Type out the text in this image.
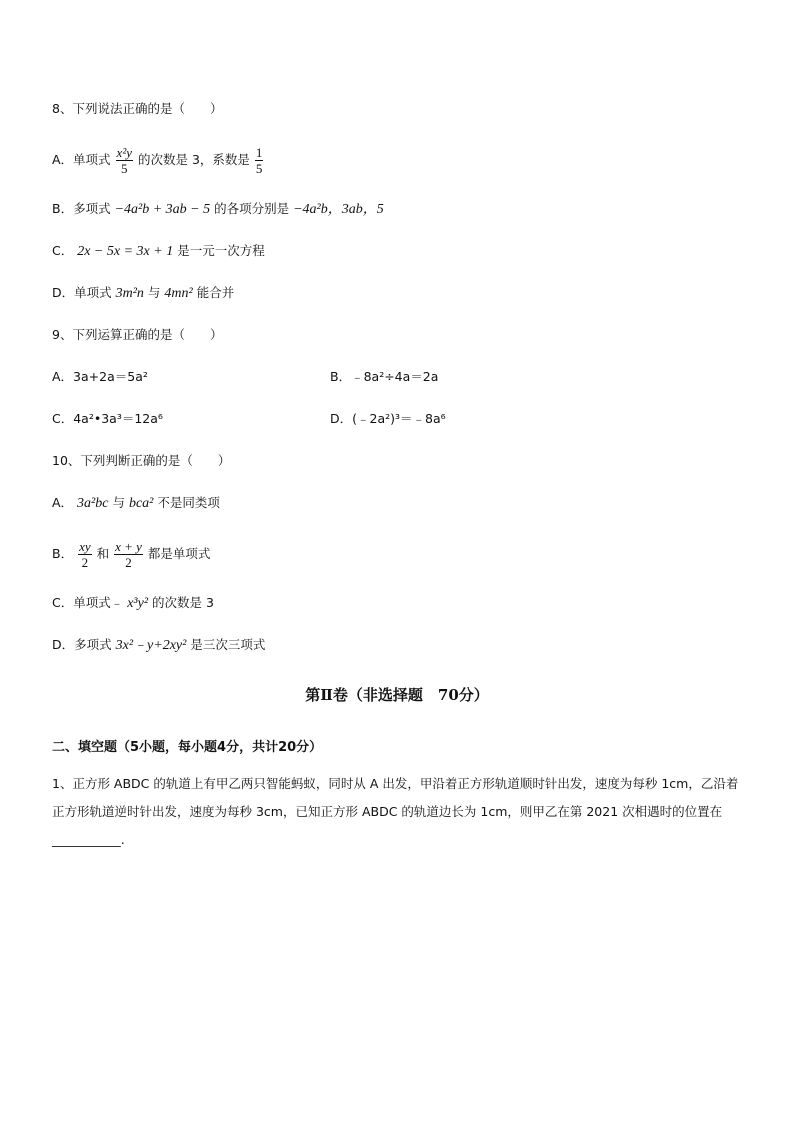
8、下列说法正确的是（　　）
A．单项式 $\frac{\text{x²y}}{5}$ 的次数是 3，系数是 $\frac{1}{5}$
B．多项式 −4a²b + 3ab − 5 的各项分别是 −4a²b，3ab，5
C． 2x − 5x = 3x + 1 是一元一次方程
D．单项式 3m²n 与 4mn² 能合并
9、下列运算正确的是（　　）
A．3a+2a＝5a²	B．﹣8a²÷4a＝2a
C．4a²•3a³＝12a⁶	D．(﹣2a²)³＝﹣8a⁶
10、下列判断正确的是（　　）
A． 3a²bc 与 bca² 不是同类项
B． $\frac{xy}{2}$ 和 $\frac{x + y}{2}$ 都是单项式
C．单项式﹣ x³y² 的次数是 3
D．多项式 3x²﹣y+2xy² 是三次三项式
第Ⅱ卷（非选择题　70分）
二、填空题（5小题，每小题4分，共计20分）
1、正方形 ABDC 的轨道上有甲乙两只智能蚂蚁，同时从 A 出发，甲沿着正方形轨道顺时针出发，速度为每秒 1cm，乙沿着正方形轨道逆时针出发，速度为每秒 3cm，已知正方形 ABDC 的轨道边长为 1cm，则甲乙在第 2021 次相遇时的位置在 ___________.
